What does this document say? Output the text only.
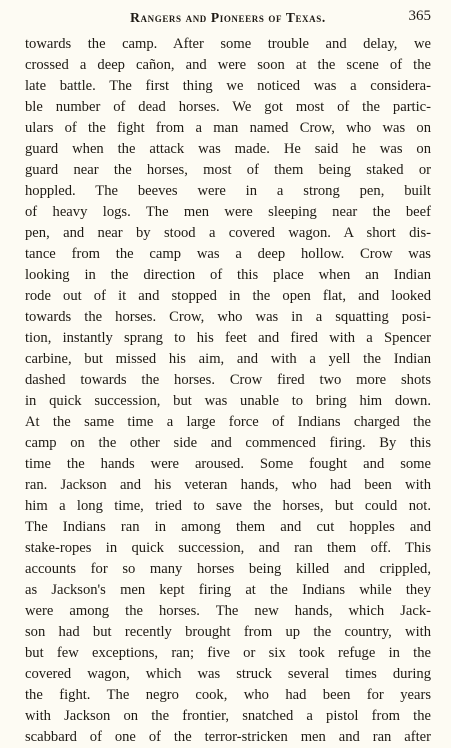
Rangers and Pioneers of Texas.	365
towards the camp. After some trouble and delay, we
crossed a deep cañon, and were soon at the scene of the
late battle. The first thing we noticed was a considera-
ble number of dead horses. We got most of the partic-
ulars of the fight from a man named Crow, who was on
guard when the attack was made. He said he was on
guard near the horses, most of them being staked or
hoppled. The beeves were in a strong pen, built
of heavy logs. The men were sleeping near the beef
pen, and near by stood a covered wagon. A short dis-
tance from the camp was a deep hollow. Crow was
looking in the direction of this place when an Indian
rode out of it and stopped in the open flat, and looked
towards the horses. Crow, who was in a squatting posi-
tion, instantly sprang to his feet and fired with a Spencer
carbine, but missed his aim, and with a yell the Indian
dashed towards the horses. Crow fired two more shots
in quick succession, but was unable to bring him down.
At the same time a large force of Indians charged the
camp on the other side and commenced firing. By this
time the hands were aroused. Some fought and some
ran. Jackson and his veteran hands, who had been with
him a long time, tried to save the horses, but could not.
The Indians ran in among them and cut hopples and
stake-ropes in quick succession, and ran them off. This
accounts for so many horses being killed and crippled,
as Jackson's men kept firing at the Indians while they
were among the horses. The new hands, which Jack-
son had but recently brought from up the country, with
but few exceptions, ran; five or six took refuge in the
covered wagon, which was struck several times during
the fight. The negro cook, who had been for years
with Jackson on the frontier, snatched a pistol from the
scabbard of one of the terror-stricken men and ran after
